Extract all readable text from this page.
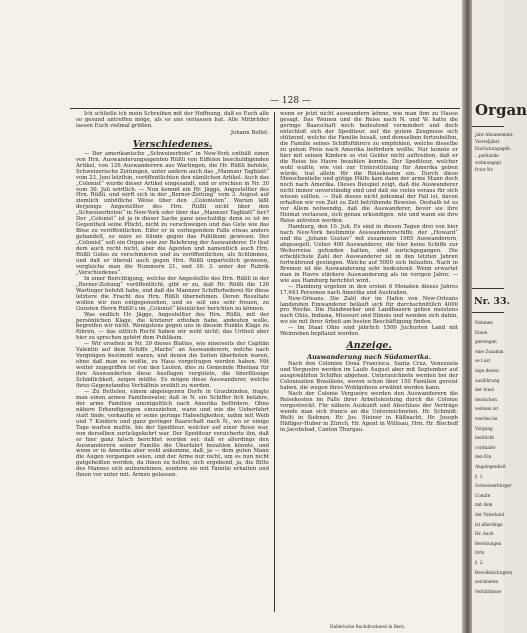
— 128 —

Ich schließe ich mein Schreiben mit der Hoffnung, daß es Euch alle so gesund antreffen möge, als es uns verlassen hat. Alle Mitbrüder lassen Euch vielmal grüßen.

Johann Bollet.
Verschiedenes.

— Der amerikanische „Schweizerbote“ in New-York enthält einen von Hrn. Auswanderungsagenten Rüßli von Eiffelen beschuldigenden Artikel, von 126 Auswanderern aus Wartingen, die Hr. Rüßli befehle, Schweizerische Zeitungen, unter andern auch das „Mannzer Tagblatt“ vom 23. Juni letzthin, veröffentlichten den nämlichen Artikel. Auch das „Colonist“ wurde dieser Artikel eingesandt, und er erschien in Nr. 30 vom 30. Juli wörtlich. — Nun kommt ein Hr. Jägge, Angestellter des Hrn. Rüßli, und wirft sich in der „Berner-Zeitung“ vom 3. August auf ziemlich unhöfliche Weise über den „Colonisten“. Warum läßt derjenige Angestellter des Hrn. Rüßli nicht über den „Schweizerboten“ in New-York oder über das „Mannzer Tagblatt“ her? Der „Colonist“ ist ja in dieser Sache ganz unschuldig; denn es ist im Gegentheil seine Pflicht, nicht zu verschweigen und das Gute wie das Böse zu veröffentlichen. Eifer er in vorliegendem Falle etwas anders gehandelt, so wäre es Sünde gegen das Publikum gewesen. Der „Colonist“ soll ein Organ sein zur Belehrung der Auswanderer. Er thut dem auch recht nicht, aber die Agenten und namentlich auch Hrn. Rüßli Gutes zu verschmieren und zu veröffentlichen, als Schlimmes, und daß er überall auch gegen Hrn. Rüßli unparteilich gewesen, vergleiche man die Nummern 21, und 30. 3. unter der Rubrik „Verschiedenes“.

In einer Berichtigung, welche der Angestellte des Hrn. Rüßli in der „Berner-Zeitung“ veröffentlicht, gibt er zu, daß Hr. Rüßli die 126 Wartinger befehlt habe, und daß die Mannzer Schiffsrhederei für diese letztere die Fracht des Hrn. Rüßli übernehmen. Deren Resultate wollen wir nun entgegensehen, und es soll uns sehr freuen, zu Gunsten Herrn Rüßli's im „Colonist“ kleinlicher berichten zu können.

Was endlich Hr. Jägge, Angestellter des Hrn. Rüßli, mit der persönlichen Klage, die letzterer erhoben habe, andeuten wolle, begreifen wir nicht. Wenigstens gegen uns in diesem Punkte Klage zu führen, — das sittlich Recht haben wir wohl nicht; das Urtheil aber hier zu sprechen gehört dem Publikum.

— Wir ersehen in Nr. 39 dieses Blattes, wie einerseits der Capitän Valentin auf dem Schiffe „Marbo“ an Auswanderern, welche nach Vergnügen bestimmt waren, und denen die Seiten überboten waren, ohne daß man es wußte, zu Haus vorgetragen werden haben. Mit weiter zugegriffen ist von den Leuten, dies zu Gemeinde Rheinau für ihre Auswanderten diese Ausflagen vergütete, die überflüssige Schädlichkeit, zeigen müßte. Es mögen diese Auswanderer, welche ihres Gegenstandes Verhältnis erzählt zu werden.

— Zu Bettelen, einem abgelegenen Dorfe in Graubünden, fragte man einen armen Familienvater, daß in N. ein Schiffer fich befahre, der arme Familien unentgeltlich nach Amerika befördere. Ohne nähere Erkundigungen einzuziehen, wann und wie die Ueberfahrt statt finde, verkaufte er seine geringe Habseligkeiten, nahm mit Weib und 7 Kindern und ganz geringer Baarschaft nach N., wo er einige Tage warten mußte, bis der Spediteur, welcher auf einer Reise war, von derselben zurückgekehrt war. Der Spediteur versicherte ihn, daß er hier ganz falsch berichtet worden sei; daß er allerdings den Auswanderern seiner Familie die Überfahrt bezahlen könnte, und wenn er in Amerika aber wohl ankomme, daß, ja — dem guten Mann die Augen vergangen seien, und der Arme nur nicht, um es nun nicht gutgeheißen worden, da ihnen zu helfen, sich ergebend, ja, die Bitte des Mannes sich aufzunehmen, sondern sie mit Familie erhalten und ihnen vor unter mit. Armen gelassen.

wenn er jetzt nicht auswandern könne, wie man ihm zu Hause gesagt. Das Weinen und die Reise nach N. und W. hatte die geringe Baarschaft noch bedeutend vermindert und doch entschloß sich der Spediteur, auf die gutem Zeugnisse sich stützend, welche die Familie besaß, und demselben fortzuhelfen, die Familie seines Schiffsführers zu empfehlen, welche dieselbe zu gutem Preis nach Amerika befördern wollte. Nur konnte er hier mit seinen Kindern so viel Gelder nicht auftreiben, daß er die Reise bis Havre bezahlen konnte. Der Spediteur, welcher wohl wußte, wie viel zur Unterstützung für Amerika geben würde, trat allein für die Reisekosten ein. Durch diese Menschenliebe und gütige Hülfe kam dann der arme Mann doch noch nach Amerika. Dieses Beispiel zeigt, daß die Auswanderer nicht immer unverständig sind und daß sie vieles voraus für sich wissen sollten. — Daß dieses nicht jedesmal der Fall ist, davon erhalten wir von Zeit zu Zeit betrübende Beweise. Deshalb ist es vor Allem notwendig, daß die Auswanderer, bevor sie ihre Heimat verlassen, sich genau erkundigen, wie und wann sie ihre Reise antreten werden.

Hamburg, den 10. Juli. Es sind in diesen Tagen drei von hier nach New-York bestimmte Auswandererschiffe, der „Howard“ und die „Johann Gustav“ mit zusammen 1065 Auswanderern, abgesegelt. Ueber 400 Auswanderer, die hier keine Schiffe zur Weiterreise gefunden hatten, sind zurückgegangen. Die erheblichste Zahl der Auswanderer ist in den letzten Jahren fortwährend gestiegen. Welche auf 5000 sich belaufen. Nach in Bremen ist die Auswanderung sehr bedeutend. Wenn erwartet man in Havre stärkere Auswanderung als im vorigen Jahre; — wie aus Hamburg berichtet wird.

— Hamburg ergehen in den ersten 6 Monaten dieses Jahres 17,643 Personen nach Amerika und Australien.

New-Orleans. Die Zahl der im Hafen von New-Orleans landenden Einwanderer beläuft sich für durchschnittlich 4000 pro Woche. Die Handwerker und Landbauern gehen meistens nach Ohio, Indiana, Missouri und Illinois und wenden sich dahin, wo sie mit ihrer Arbeit am besten Beschäftigung finden.

— Im Staat Ohio sind jährlich 1500 Juchurten Land mit Weinreben bepflanzt worden.

Anzeige.
Auswanderung nach Südamerika.

Nach den Colonien Dona Francisca, Santa Cruz, Venezuela und Vergueiro werden im Laufe August aber mit September auf ausgewählten Schiffen abgehen. Unterzeichnete werden bei der Colonisation Brasiliens, wovon schon über 150 Familien gereist haben, die wegen ihres Wohlgebens erwähnt werden kann.

Nach der Colonie Vergueiro werden den Auswanderern die Reisekosten im Falle ihrer Arbeitsleistung durch die Colonie vorgestreckt. Für nähere Auskunft und Abschluss der Verträge wende man sich franco an die Unterzeichneten, Hr. Schmidt-Welti in Siebnen, Hr. Jos. Steiner in Küßnacht, Hr. Joseph Häfliger-Huber in Zürich, Hr. Agent in Willisau, Hrn. Hr. Bischoff in Jacobsbad, Canton Thurgau.

Hallerische Buchdruckerei in Bern.
Organ
Jahr-Abonnement:
Vierteljährl.
Einrückungsgeb.
...petitzeile
wohnungspl.
fr.ter Nr.
Nr. 33.
Nehmen
Einen
gierungen
eine Zusamm
se Lust
nige deutsc
ausführung
der fonst
deutschen
wehnen ist
werden be
Vorgang
bedrückt
cordnaler
den Ein
Angelegenheit
§. 1.
Schweizerbürger
Comité
mit dem
der Vaterland
ist allerdings
Hr. Auch
Bereitungen
Orts
§. 2.
Bevollmächtigten
zeichneten
Verhältnisse
